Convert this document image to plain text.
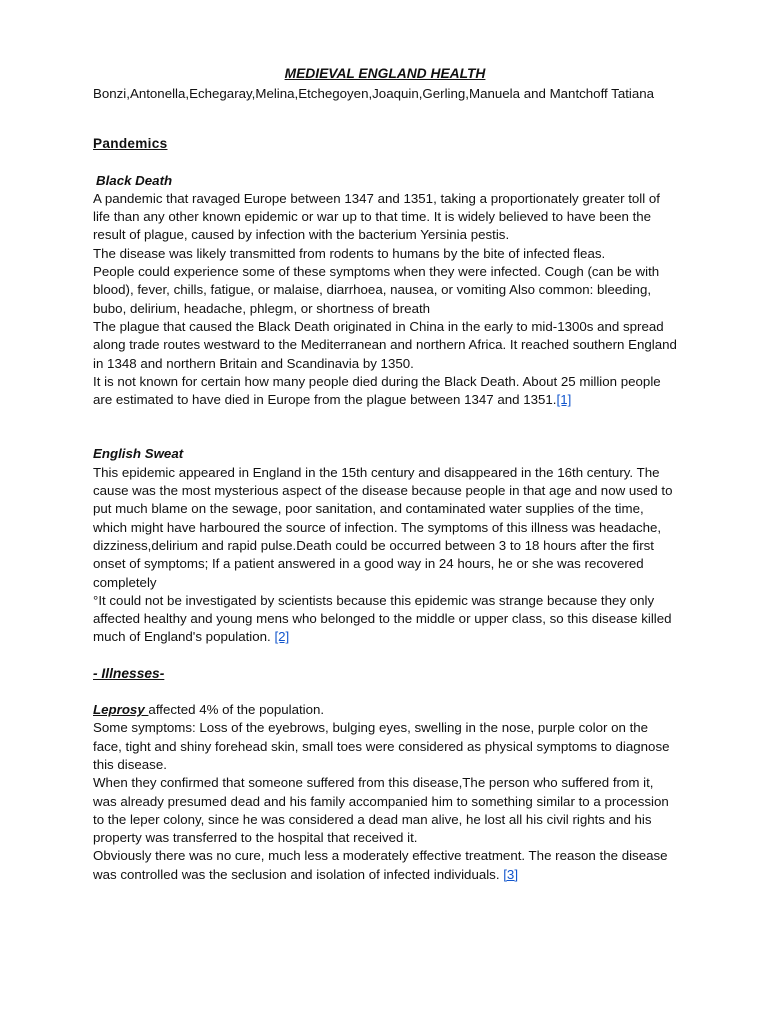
MEDIEVAL ENGLAND HEALTH
Bonzi,Antonella,Echegaray,Melina,Etchegoyen,Joaquin,Gerling,Manuela and Mantchoff Tatiana
Pandemics
Black Death

A pandemic that ravaged Europe between 1347 and 1351, taking a proportionately greater toll of life than any other known epidemic or war up to that time. It is widely believed to have been the result of plague, caused by infection with the bacterium Yersinia pestis.

The disease was likely transmitted from rodents to humans by the bite of infected fleas.

People could experience some of these symptoms when they were infected. Cough (can be with blood), fever, chills, fatigue, or malaise, diarrhoea, nausea, or vomiting Also common: bleeding, bubo, delirium, headache, phlegm, or shortness of breath

The plague that caused the Black Death originated in China in the early to mid-1300s and spread along trade routes westward to the Mediterranean and northern Africa. It reached southern England in 1348 and northern Britain and Scandinavia by 1350.

It is not known for certain how many people died during the Black Death. About 25 million people are estimated to have died in Europe from the plague between 1347 and 1351.[1]

English Sweat

This epidemic appeared in England in the 15th century and disappeared in the 16th century. The cause was the most mysterious aspect of the disease because people in that age and now used to put much blame on the sewage, poor sanitation, and contaminated water supplies of the time, which might have harboured the source of infection. The symptoms of this illness was headache, dizziness,delirium and rapid pulse.Death could be occurred between 3 to 18 hours after the first onset of symptoms; If a patient answered in a good way in 24 hours, he or she was recovered completely

°It could not be investigated by scientists because this epidemic was strange because they only affected healthy and young mens who belonged to the middle or upper class, so this disease killed much of England's population. [2]

- Illnesses-

Leprosy affected 4% of the population.

Some symptoms: Loss of the eyebrows, bulging eyes, swelling in the nose, purple color on the face, tight and shiny forehead skin, small toes were considered as physical symptoms to diagnose this disease.

When they confirmed that someone suffered from this disease,The person who suffered from it, was already presumed dead and his family accompanied him to something similar to a procession to the leper colony, since he was considered a dead man alive, he lost all his civil rights and his property was transferred to the hospital that received it.

Obviously there was no cure, much less a moderately effective treatment. The reason the disease was controlled was the seclusion and isolation of infected individuals. [3]
